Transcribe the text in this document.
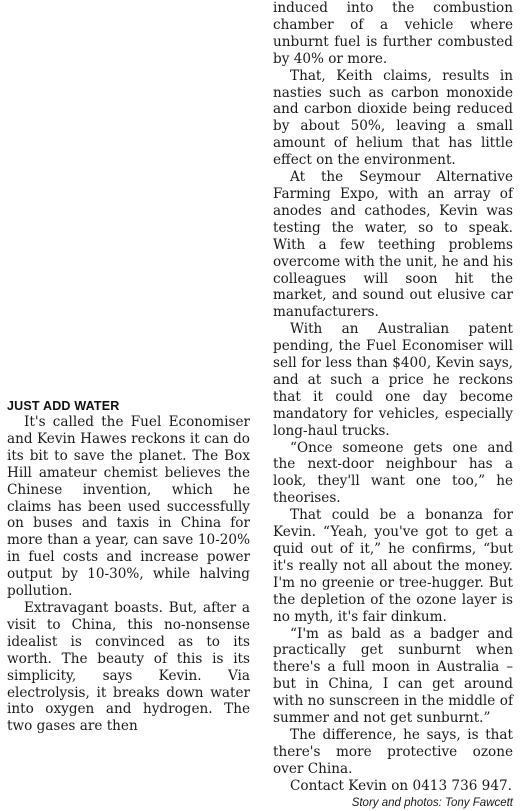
JUST ADD WATER

It's called the Fuel Economiser and Kevin Hawes reckons it can do its bit to save the planet. The Box Hill amateur chemist believes the Chinese invention, which he claims has been used successfully on buses and taxis in China for more than a year, can save 10-20% in fuel costs and increase power output by 10-30%, while halving pollution.

Extravagant boasts. But, after a visit to China, this no-nonsense idealist is convinced as to its worth. The beauty of this is its simplicity, says Kevin. Via electrolysis, it breaks down water into oxygen and hydrogen. The two gases are then

induced into the combustion chamber of a vehicle where unburnt fuel is further combusted by 40% or more.

That, Keith claims, results in nasties such as carbon monoxide and carbon dioxide being reduced by about 50%, leaving a small amount of helium that has little effect on the environment.

At the Seymour Alternative Farming Expo, with an array of anodes and cathodes, Kevin was testing the water, so to speak. With a few teething problems overcome with the unit, he and his colleagues will soon hit the market, and sound out elusive car manufacturers.

With an Australian patent pending, the Fuel Economiser will sell for less than $400, Kevin says, and at such a price he reckons that it could one day become mandatory for vehicles, especially long-haul trucks.

“Once someone gets one and the next-door neighbour has a look, they'll want one too,” he theorises.

That could be a bonanza for Kevin. “Yeah, you've got to get a quid out of it,” he confirms, “but it's really not all about the money. I'm no greenie or tree-hugger. But the depletion of the ozone layer is no myth, it's fair dinkum.

“I'm as bald as a badger and practically get sunburnt when there's a full moon in Australia – but in China, I can get around with no sunscreen in the middle of summer and not get sunburnt.”

The difference, he says, is that there's more protective ozone over China.

Contact Kevin on 0413 736 947.

Story and photos: Tony Fawcett
